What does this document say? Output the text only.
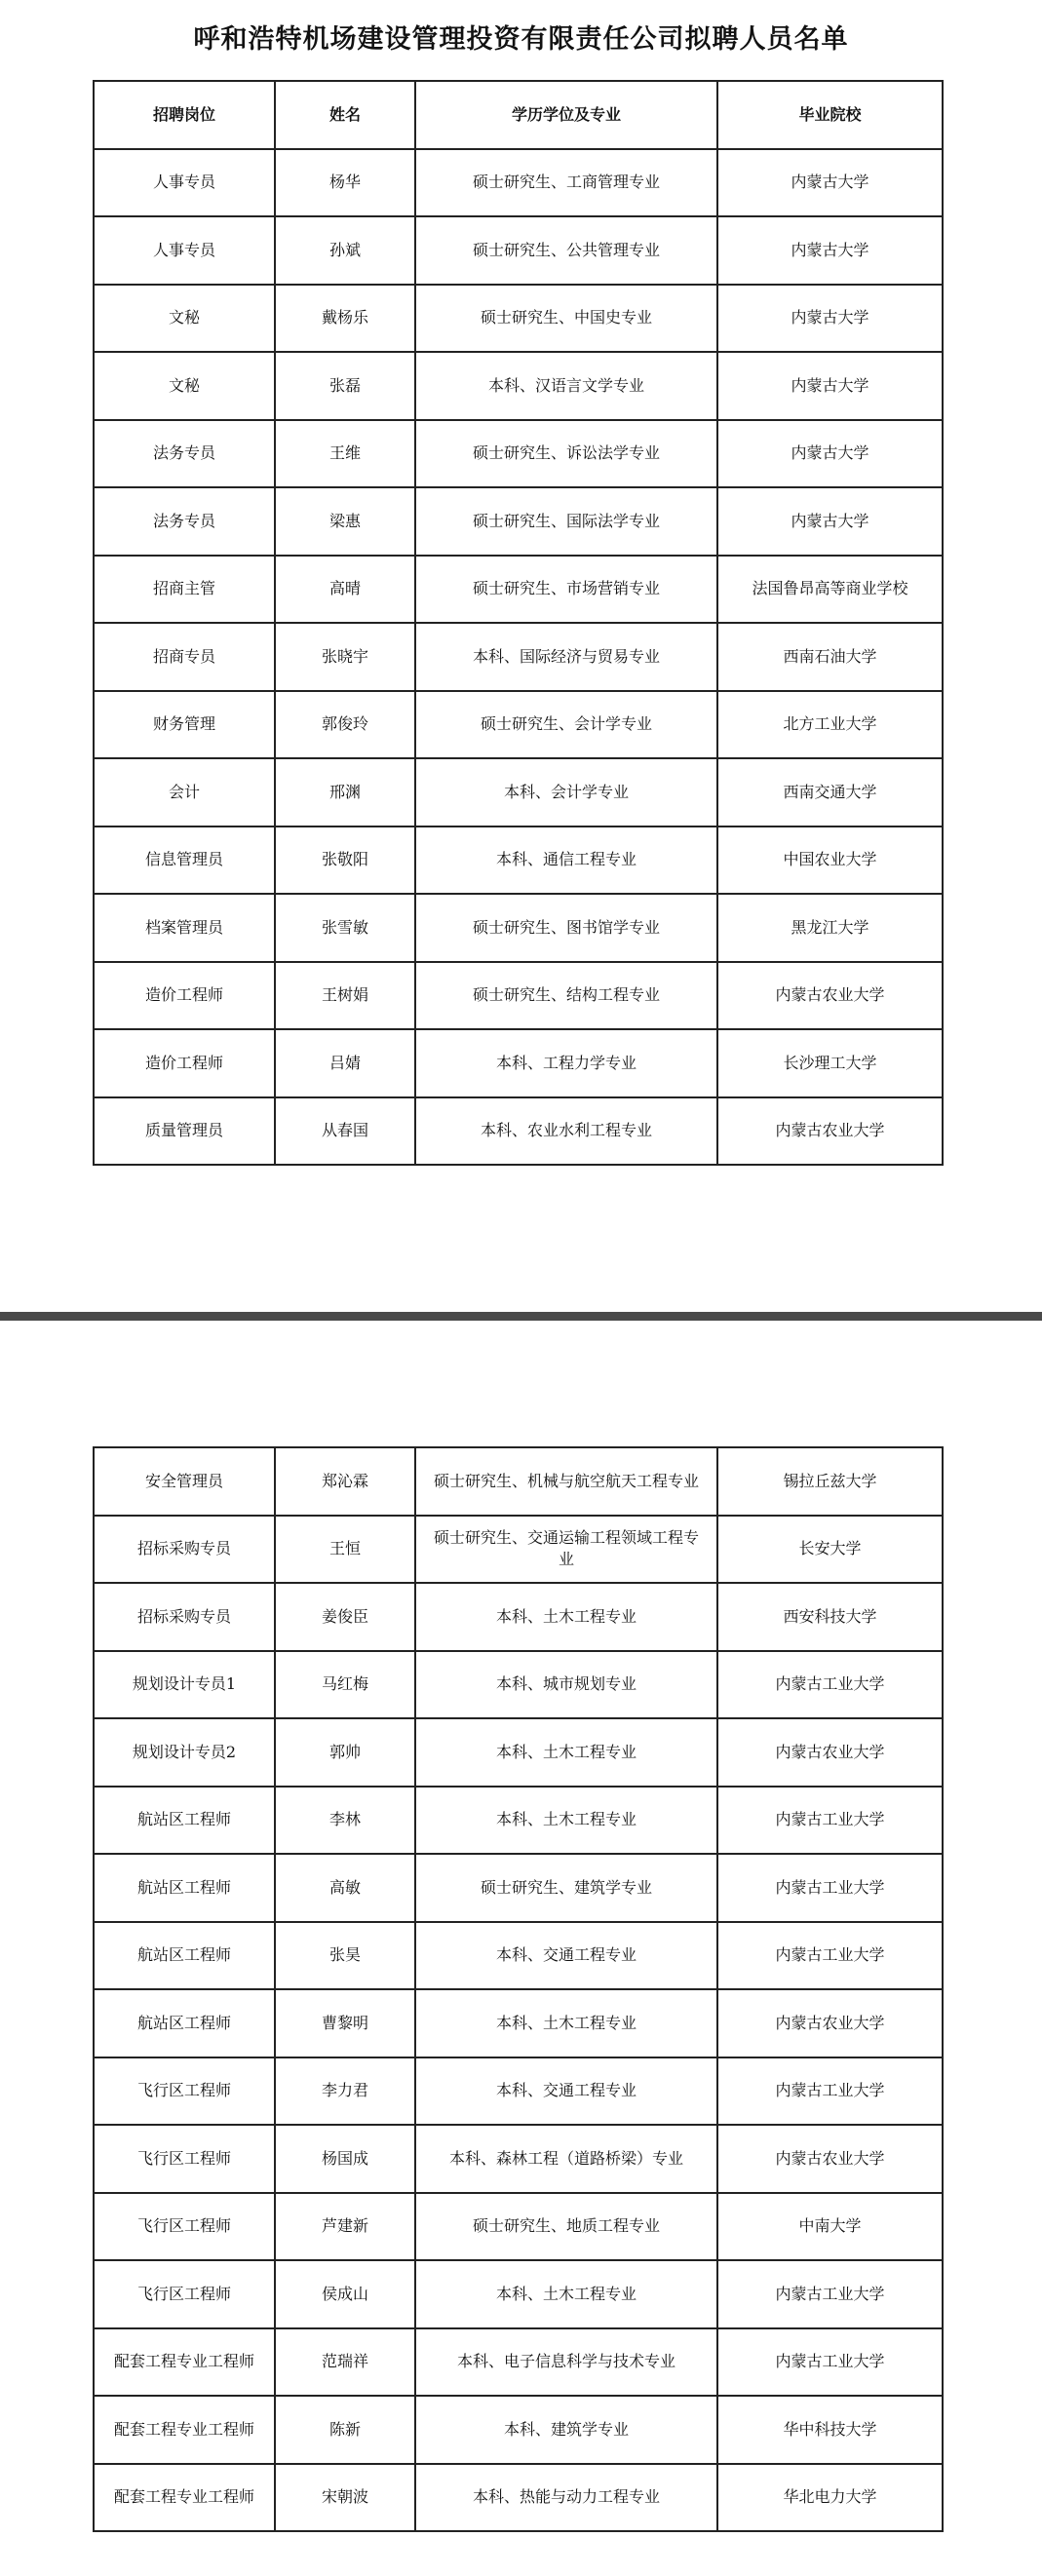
呼和浩特机场建设管理投资有限责任公司拟聘人员名单
招聘岗位	姓名	学历学位及专业	毕业院校
人事专员	杨华	硕士研究生、工商管理专业	内蒙古大学
人事专员	孙斌	硕士研究生、公共管理专业	内蒙古大学
文秘	戴杨乐	硕士研究生、中国史专业	内蒙古大学
文秘	张磊	本科、汉语言文学专业	内蒙古大学
法务专员	王维	硕士研究生、诉讼法学专业	内蒙古大学
法务专员	梁惠	硕士研究生、国际法学专业	内蒙古大学
招商主管	高晴	硕士研究生、市场营销专业	法国鲁昂高等商业学校
招商专员	张晓宇	本科、国际经济与贸易专业	西南石油大学
财务管理	郭俊玲	硕士研究生、会计学专业	北方工业大学
会计	邢渊	本科、会计学专业	西南交通大学
信息管理员	张敬阳	本科、通信工程专业	中国农业大学
档案管理员	张雪敏	硕士研究生、图书馆学专业	黑龙江大学
造价工程师	王树娟	硕士研究生、结构工程专业	内蒙古农业大学
造价工程师	吕婧	本科、工程力学专业	长沙理工大学
质量管理员	从春国	本科、农业水利工程专业	内蒙古农业大学
安全管理员	郑沁霖	硕士研究生、机械与航空航天工程专业	锡拉丘兹大学
招标采购专员	王恒	硕士研究生、交通运输工程领域工程专业	长安大学
招标采购专员	姜俊臣	本科、土木工程专业	西安科技大学
规划设计专员1	马红梅	本科、城市规划专业	内蒙古工业大学
规划设计专员2	郭帅	本科、土木工程专业	内蒙古农业大学
航站区工程师	李林	本科、土木工程专业	内蒙古工业大学
航站区工程师	高敏	硕士研究生、建筑学专业	内蒙古工业大学
航站区工程师	张昊	本科、交通工程专业	内蒙古工业大学
航站区工程师	曹黎明	本科、土木工程专业	内蒙古农业大学
飞行区工程师	李力君	本科、交通工程专业	内蒙古工业大学
飞行区工程师	杨国成	本科、森林工程（道路桥梁）专业	内蒙古农业大学
飞行区工程师	芦建新	硕士研究生、地质工程专业	中南大学
飞行区工程师	侯成山	本科、土木工程专业	内蒙古工业大学
配套工程专业工程师	范瑞祥	本科、电子信息科学与技术专业	内蒙古工业大学
配套工程专业工程师	陈新	本科、建筑学专业	华中科技大学
配套工程专业工程师	宋朝波	本科、热能与动力工程专业	华北电力大学
